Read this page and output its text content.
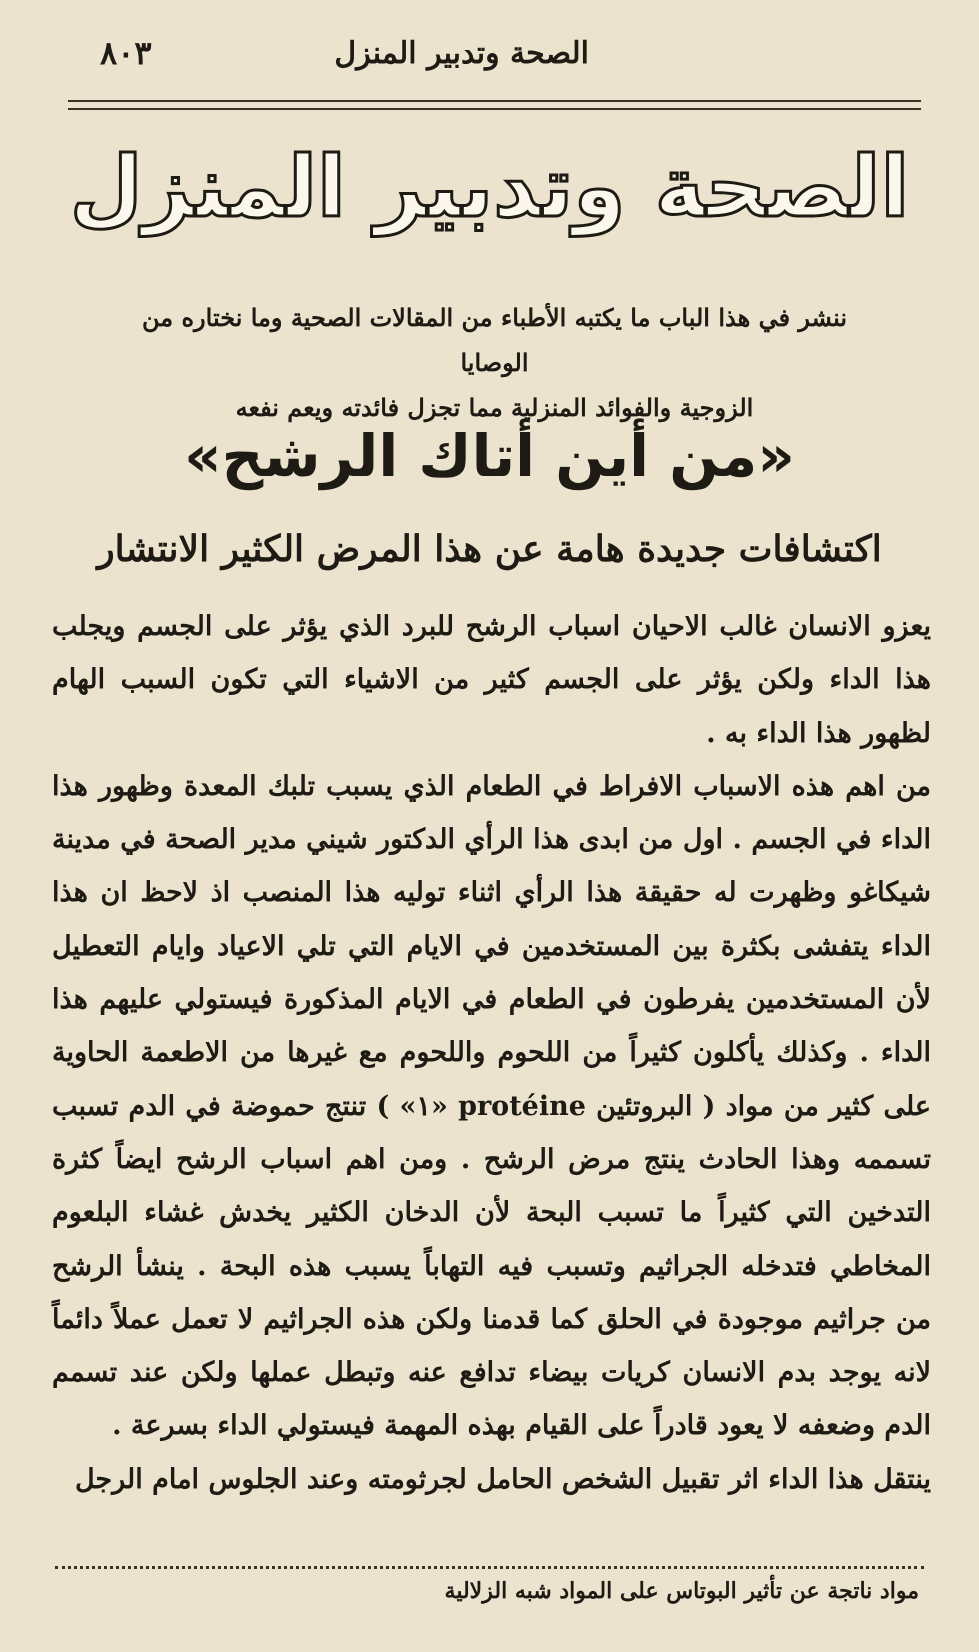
الصحة وتدبير المنزل
٨٠٣
الصحة وتدبير المنزل
ننشر في هذا الباب ما يكتبه الأطباء من المقالات الصحية وما نختاره من الوصايا
الزوجية والفوائد المنزلية مما تجزل فائدته ويعم نفعه
«من أين أتاك الرشح»
اكتشافات جديدة هامة عن هذا المرض الكثير الانتشار

يعزو الانسان غالب الاحيان اسباب الرشح للبرد الذي يؤثر على الجسم ويجلب هذا الداء ولكن يؤثر على الجسم كثير من الاشياء التي تكون السبب الهام لظهور هذا الداء به .

من اهم هذه الاسباب الافراط في الطعام الذي يسبب تلبك المعدة وظهور هذا الداء في الجسم . اول من ابدى هذا الرأي الدكتور شيني مدير الصحة في مدينة شيكاغو وظهرت له حقيقة هذا الرأي اثناء توليه هذا المنصب اذ لاحظ ان هذا الداء يتفشى بكثرة بين المستخدمين في الايام التي تلي الاعياد وايام التعطيل لأن المستخدمين يفرطون في الطعام في الايام المذكورة فيستولي عليهم هذا الداء . وكذلك يأكلون كثيراً من اللحوم واللحوم مع غيرها من الاطعمة الحاوية على كثير من مواد ( البروتئين protéine «١» ) تنتج حموضة في الدم تسبب تسممه وهذا الحادث ينتج مرض الرشح . ومن اهم اسباب الرشح ايضاً كثرة التدخين التي كثيراً ما تسبب البحة لأن الدخان الكثير يخدش غشاء البلعوم المخاطي فتدخله الجراثيم وتسبب فيه التهاباً يسبب هذه البحة . ينشأ الرشح من جراثيم موجودة في الحلق كما قدمنا ولكن هذه الجراثيم لا تعمل عملاً دائماً لانه يوجد بدم الانسان كريات بيضاء تدافع عنه وتبطل عملها ولكن عند تسمم الدم وضعفه لا يعود قادراً على القيام بهذه المهمة فيستولي الداء بسرعة .

ينتقل هذا الداء اثر تقبيل الشخص الحامل لجرثومته وعند الجلوس امام الرجل

مواد ناتجة عن تأثير البوتاس على المواد شبه الزلالية
